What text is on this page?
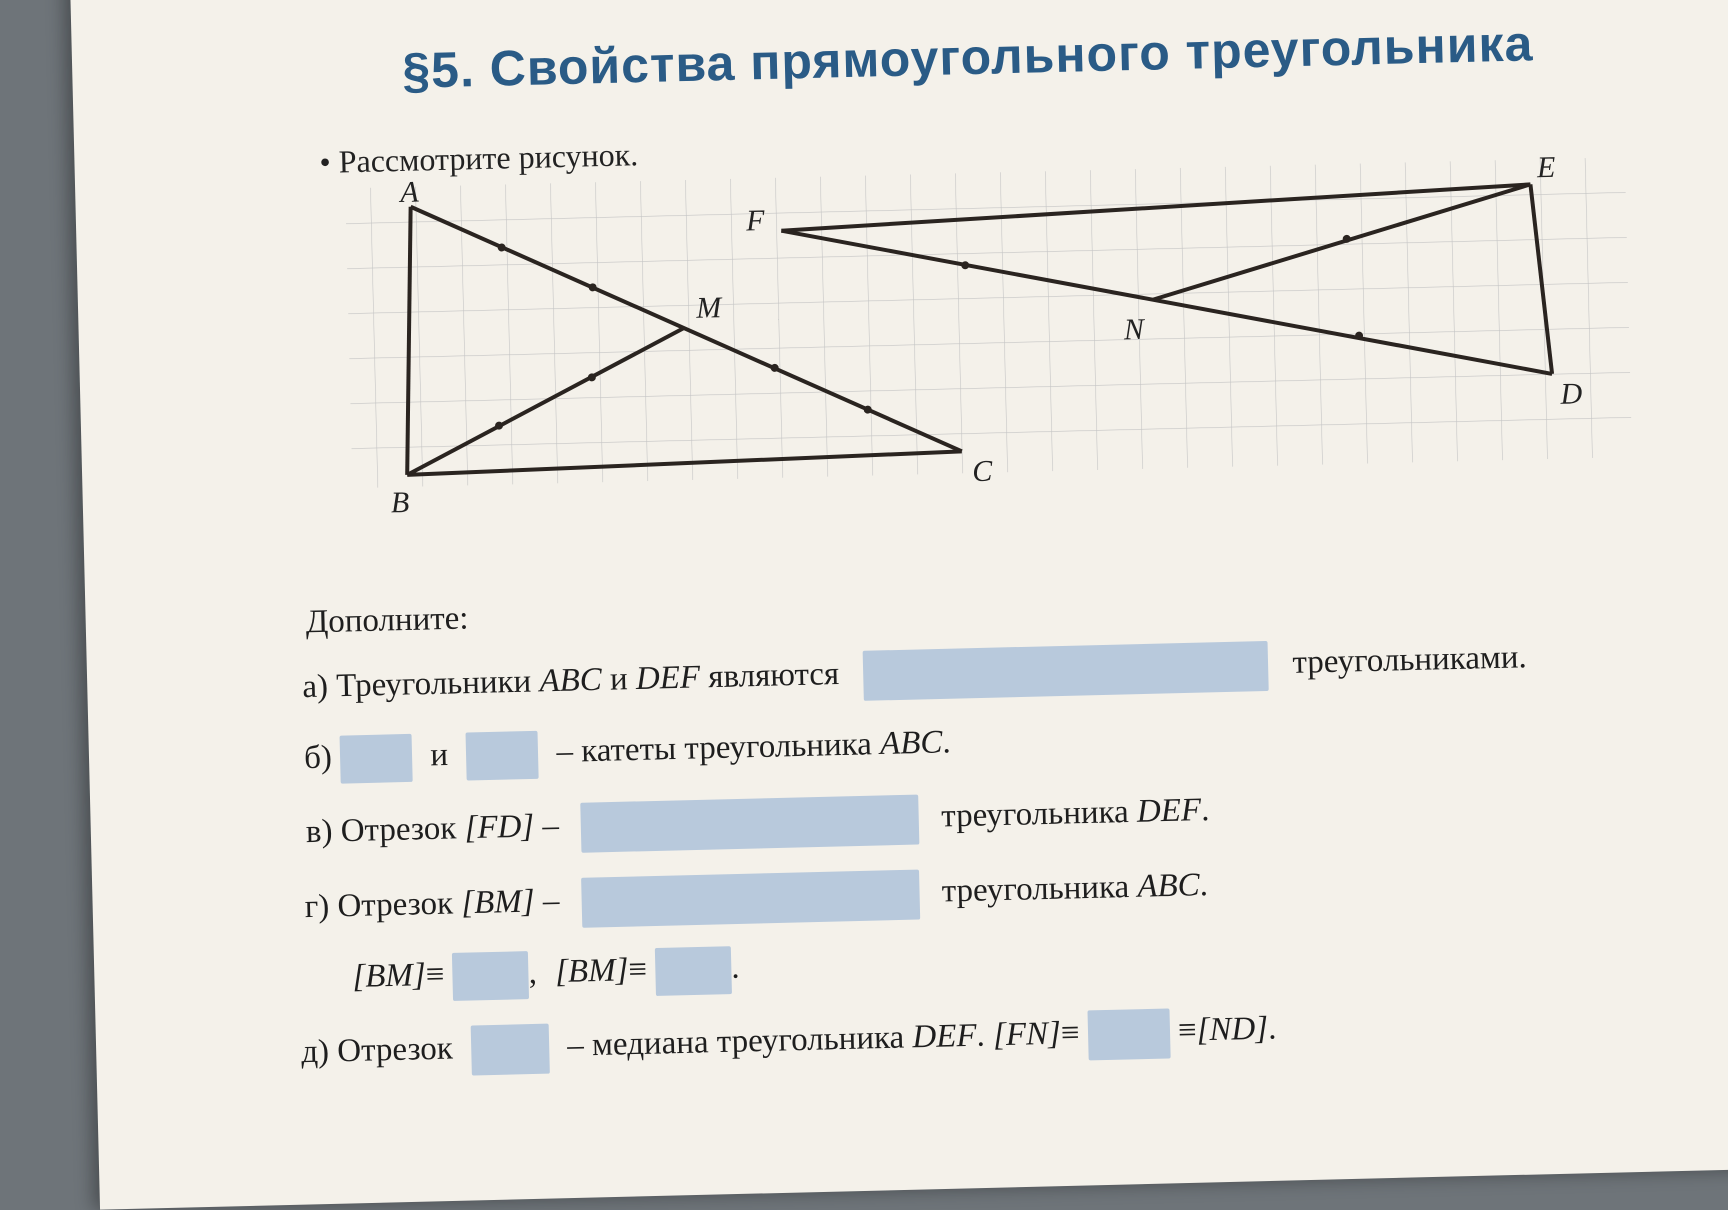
§5. Свойства прямоугольного треугольника
• Рассмотрите рисунок.
A
B
C
M
F
E
D
N
Дополните:
а) Треугольники ABC и DEF являются	треугольниками.
б)	и	– катеты треугольника ABC.
в) Отрезок [FD] –	треугольника DEF.
г) Отрезок [BM] –	треугольника ABC.
[BM]≡	, [BM]≡	.
д) Отрезок	– медиана треугольника DEF. [FN]≡	≡[ND].
